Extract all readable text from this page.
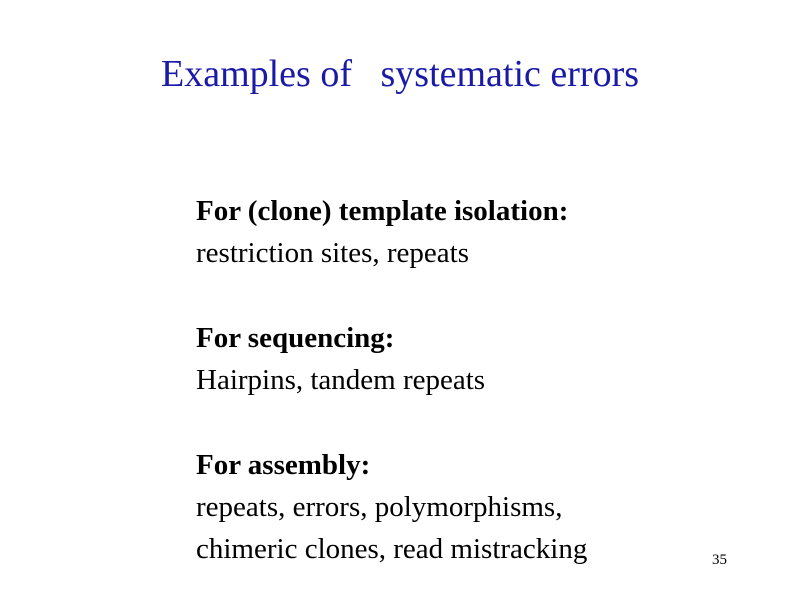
Examples of   systematic errors

For (clone) template isolation:

restriction sites, repeats

For sequencing:

Hairpins, tandem repeats

For assembly:

repeats, errors, polymorphisms,

chimeric clones, read mistracking	35
